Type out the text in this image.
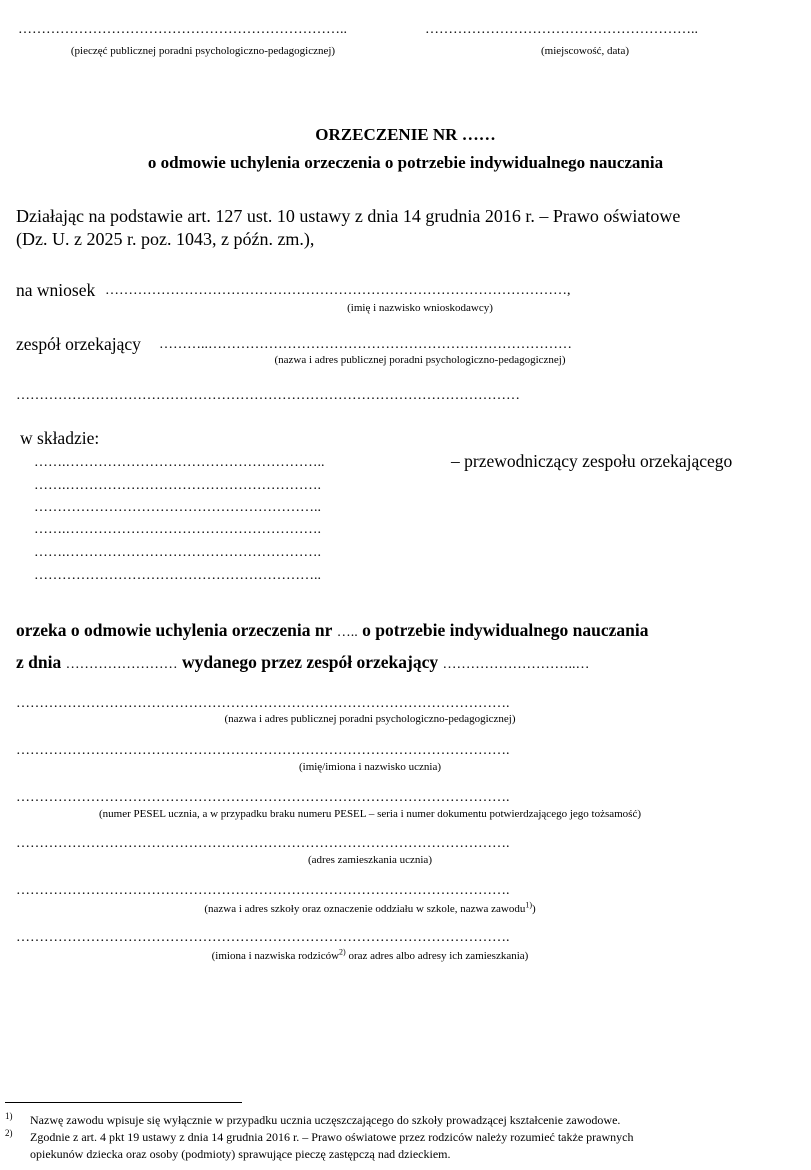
……………………………………………………………..
(pieczęć publicznej poradni psychologiczno-pedagogicznej)
…………………………………………………..
(miejscowość, data)
ORZECZENIE NR ……
o odmowie uchylenia orzeczenia o potrzebie indywidualnego nauczania
Działając na podstawie art. 127 ust. 10 ustawy z dnia 14 grudnia 2016 r. – Prawo oświatowe
(Dz. U. z 2025 r. poz. 1043, z późn. zm.),
na wniosek ………………………………………………………………………………………,
(imię i nazwisko wnioskodawcy)
zespół orzekający ………..……………………………………………………………………
(nazwa i adres publicznej poradni psychologiczno-pedagogicznej)
………………………………………………………………………………………………
w składzie:
…….………………………………………………..	– przewodniczący zespołu orzekającego
…….……………………………………………….
……………………………………………………..
…….……………………………………………….
…….……………………………………………….
……………………………………………………..
orzeka o odmowie uchylenia orzeczenia nr ….. o potrzebie indywidualnego nauczania
z dnia …………………… wydanego przez zespół orzekający ………………………..…
…………………………………………………………………………………………….
(nazwa i adres publicznej poradni psychologiczno-pedagogicznej)
…………………………………………………………………………………………….
(imię/imiona i nazwisko ucznia)
…………………………………………………………………………………………….
(numer PESEL ucznia, a w przypadku braku numeru PESEL – seria i numer dokumentu potwierdzającego jego tożsamość)
…………………………………………………………………………………………….
(adres zamieszkania ucznia)
…………………………………………………………………………………………….
(nazwa i adres szkoły oraz oznaczenie oddziału w szkole, nazwa zawodu$^{1)}$)
…………………………………………………………………………………………….
(imiona i nazwiska rodziców$^{2)}$ oraz adres albo adresy ich zamieszkania)
1) Nazwę zawodu wpisuje się wyłącznie w przypadku ucznia uczęszczającego do szkoły prowadzącej kształcenie zawodowe.
2) Zgodnie z art. 4 pkt 19 ustawy z dnia 14 grudnia 2016 r. – Prawo oświatowe przez rodziców należy rozumieć także prawnych
opiekunów dziecka oraz osoby (podmioty) sprawujące pieczę zastępczą nad dzieckiem.
